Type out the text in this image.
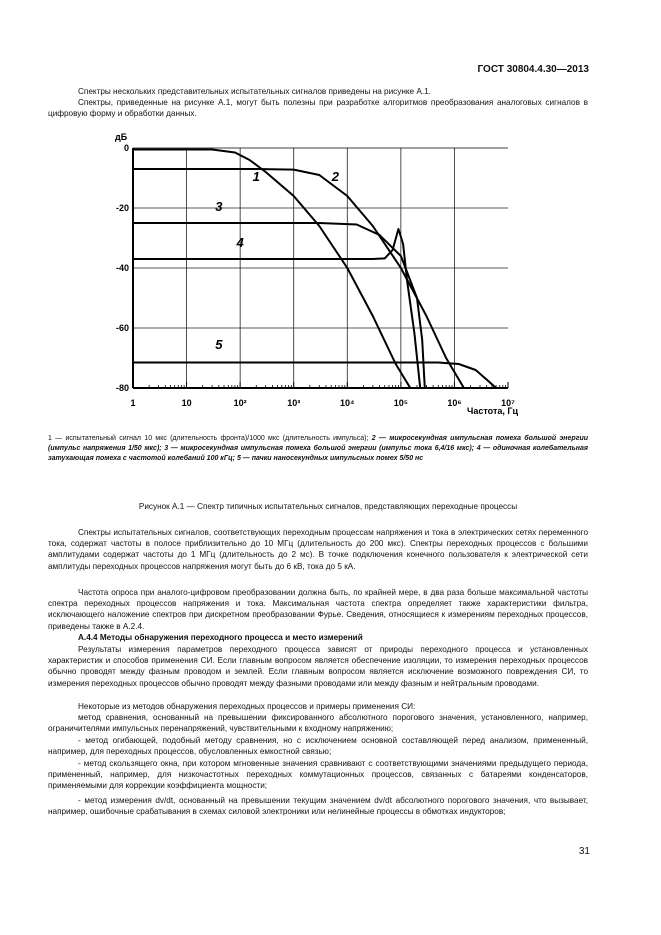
ГОСТ 30804.4.30—2013
Спектры нескольких представительных испытательных сигналов приведены на рисунке А.1.
Спектры, приведенные на рисунке А.1, могут быть полезны при разработке алгоритмов преобразования аналоговых сигналов в цифровую форму и обработки данных.
1	10	10²	10³	10⁴	10⁵	10⁶	10⁷
0
-20
-40
-60
-80
дБ
Частота, Гц
1	2
3
4
5
1 — испытательный сигнал 10 мкс (длительность фронта)/1000 мкс (длительность импульса); 2 — микросекундная импульсная помеха большой энергии (импульс напряжения 1/50 мкс); 3 — микросекундная импульсная помеха большой энергии (импульс тока 6,4/16 мкс); 4 — одиночная колебательная затухающая помеха с частотой колебаний 100 кГц; 5 — пачки наносекундных импульсных помех 5/50 нс
Рисунок А.1 — Спектр типичных испытательных сигналов, представляющих переходные процессы
Спектры испытательных сигналов, соответствующих переходным процессам напряжения и тока в электрических сетях переменного тока, содержат частоты в полосе приблизительно до 10 МГц (длительность до 200 мкс). Спектры переходных процессов с большими амплитудами содержат частоты до 1 МГц (длительность до 2 мс). В точке подключения конечного пользователя к электрической сети амплитуды переходных процессов напряжения могут быть до 6 кВ, тока до 5 кА.
Частота опроса при аналого-цифровом преобразовании должна быть, по крайней мере, в два раза больше максимальной частоты спектра переходных процессов напряжения и тока. Максимальная частота спектра определяет также характеристики фильтра, исключающего наложение спектров при дискретном преобразовании Фурье. Сведения, относящиеся к измерениям переходных процессов, приведены также в А.2.4.
А.4.4 Методы обнаружения переходного процесса и место измерений
Результаты измерения параметров переходного процесса зависят от природы переходного процесса и установленных характеристик и способов применения СИ. Если главным вопросом является обеспечение изоляции, то измерения переходных процессов обычно проводят между фазным проводом и землей. Если главным вопросом является исключение возможного повреждения СИ, то измерения переходных процессов обычно проводят между фазными проводами или между фазным и нейтральным проводами.
Некоторые из методов обнаружения переходных процессов и примеры применения СИ:
метод сравнения, основанный на превышении фиксированного абсолютного порогового значения, установленного, например, ограничителями импульсных перенапряжений, чувствительными к входному напряжению;
- метод огибающей, подобный методу сравнения, но с исключением основной составляющей перед анализом, примененный, например, для переходных процессов, обусловленных емкостной связью;
- метод скользящего окна, при котором мгновенные значения сравнивают с соответствующими значениями предыдущего периода, примененный, например, для низкочастотных переходных коммутационных процессов, связанных с батареями конденсаторов, применяемыми для коррекции коэффициента мощности;
- метод измерения dv/dt, основанный на превышении текущим значением dv/dt абсолютного порогового значения, что вызывает, например, ошибочные срабатывания в схемах силовой электроники или нелинейные процессы в обмотках индукторов;
31
